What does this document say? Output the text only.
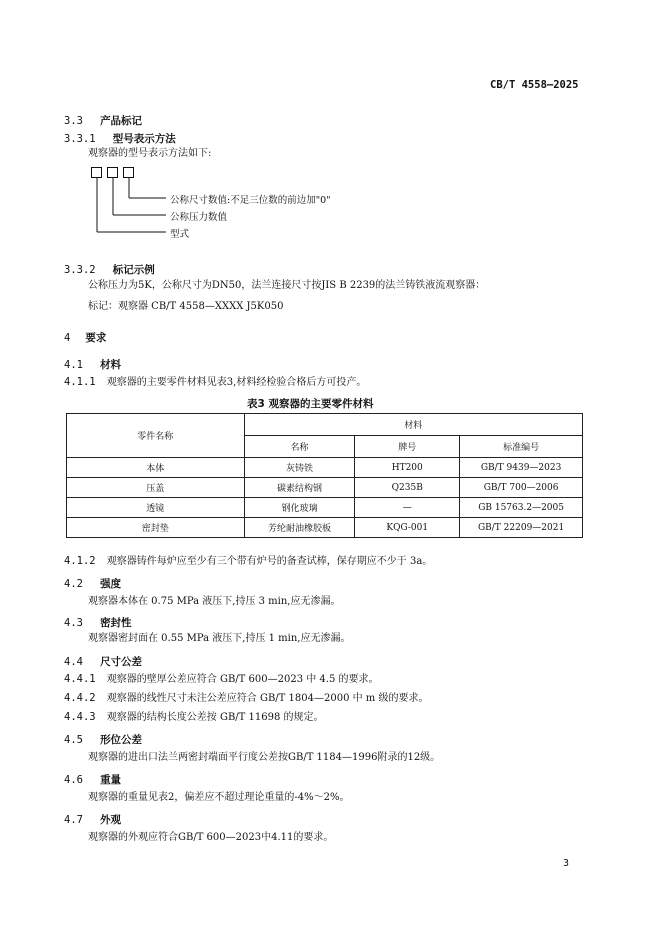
CB/T 4558—2025
3.3 产品标记
3.3.1 型号表示方法
观察器的型号表示方法如下:
公称尺寸数值:不足三位数的前边加"0"
公称压力数值
型式
3.3.2 标记示例
公称压力为5K，公称尺寸为DN50，法兰连接尺寸按JIS B 2239的法兰铸铁液流观察器：
标记：观察器 CB/T 4558—XXXX J5K050
4 要求
4.1 材料
4.1.1 观察器的主要零件材料见表3,材料经检验合格后方可投产。
表3 观察器的主要零件材料
零件名称	材料		
	名称	牌号	标准编号
本体	灰铸铁	HT200	GB/T 9439—2023
压盖	碳素结构钢	Q235B	GB/T 700—2006
透镜	钢化玻璃	—	GB 15763.2—2005
密封垫	芳纶耐油橡胶板	KQG-001	GB/T 22209—2021
4.1.2 观察器铸件每炉应至少有三个带有炉号的备查试棒，保存期应不少于 3a。
4.2 强度
观察器本体在 0.75 MPa 液压下,持压 3 min,应无渗漏。
4.3 密封性
观察器密封面在 0.55 MPa 液压下,持压 1 min,应无渗漏。
4.4 尺寸公差
4.4.1 观察器的壁厚公差应符合 GB/T 600—2023 中 4.5 的要求。
4.4.2 观察器的线性尺寸未注公差应符合 GB/T 1804—2000 中 m 级的要求。
4.4.3 观察器的结构长度公差按 GB/T 11698 的规定。
4.5 形位公差
观察器的进出口法兰两密封端面平行度公差按GB/T 1184—1996附录的12级。
4.6 重量
观察器的重量见表2，偏差应不超过理论重量的-4%～2%。
4.7 外观
观察器的外观应符合GB/T 600—2023中4.11的要求。
3
